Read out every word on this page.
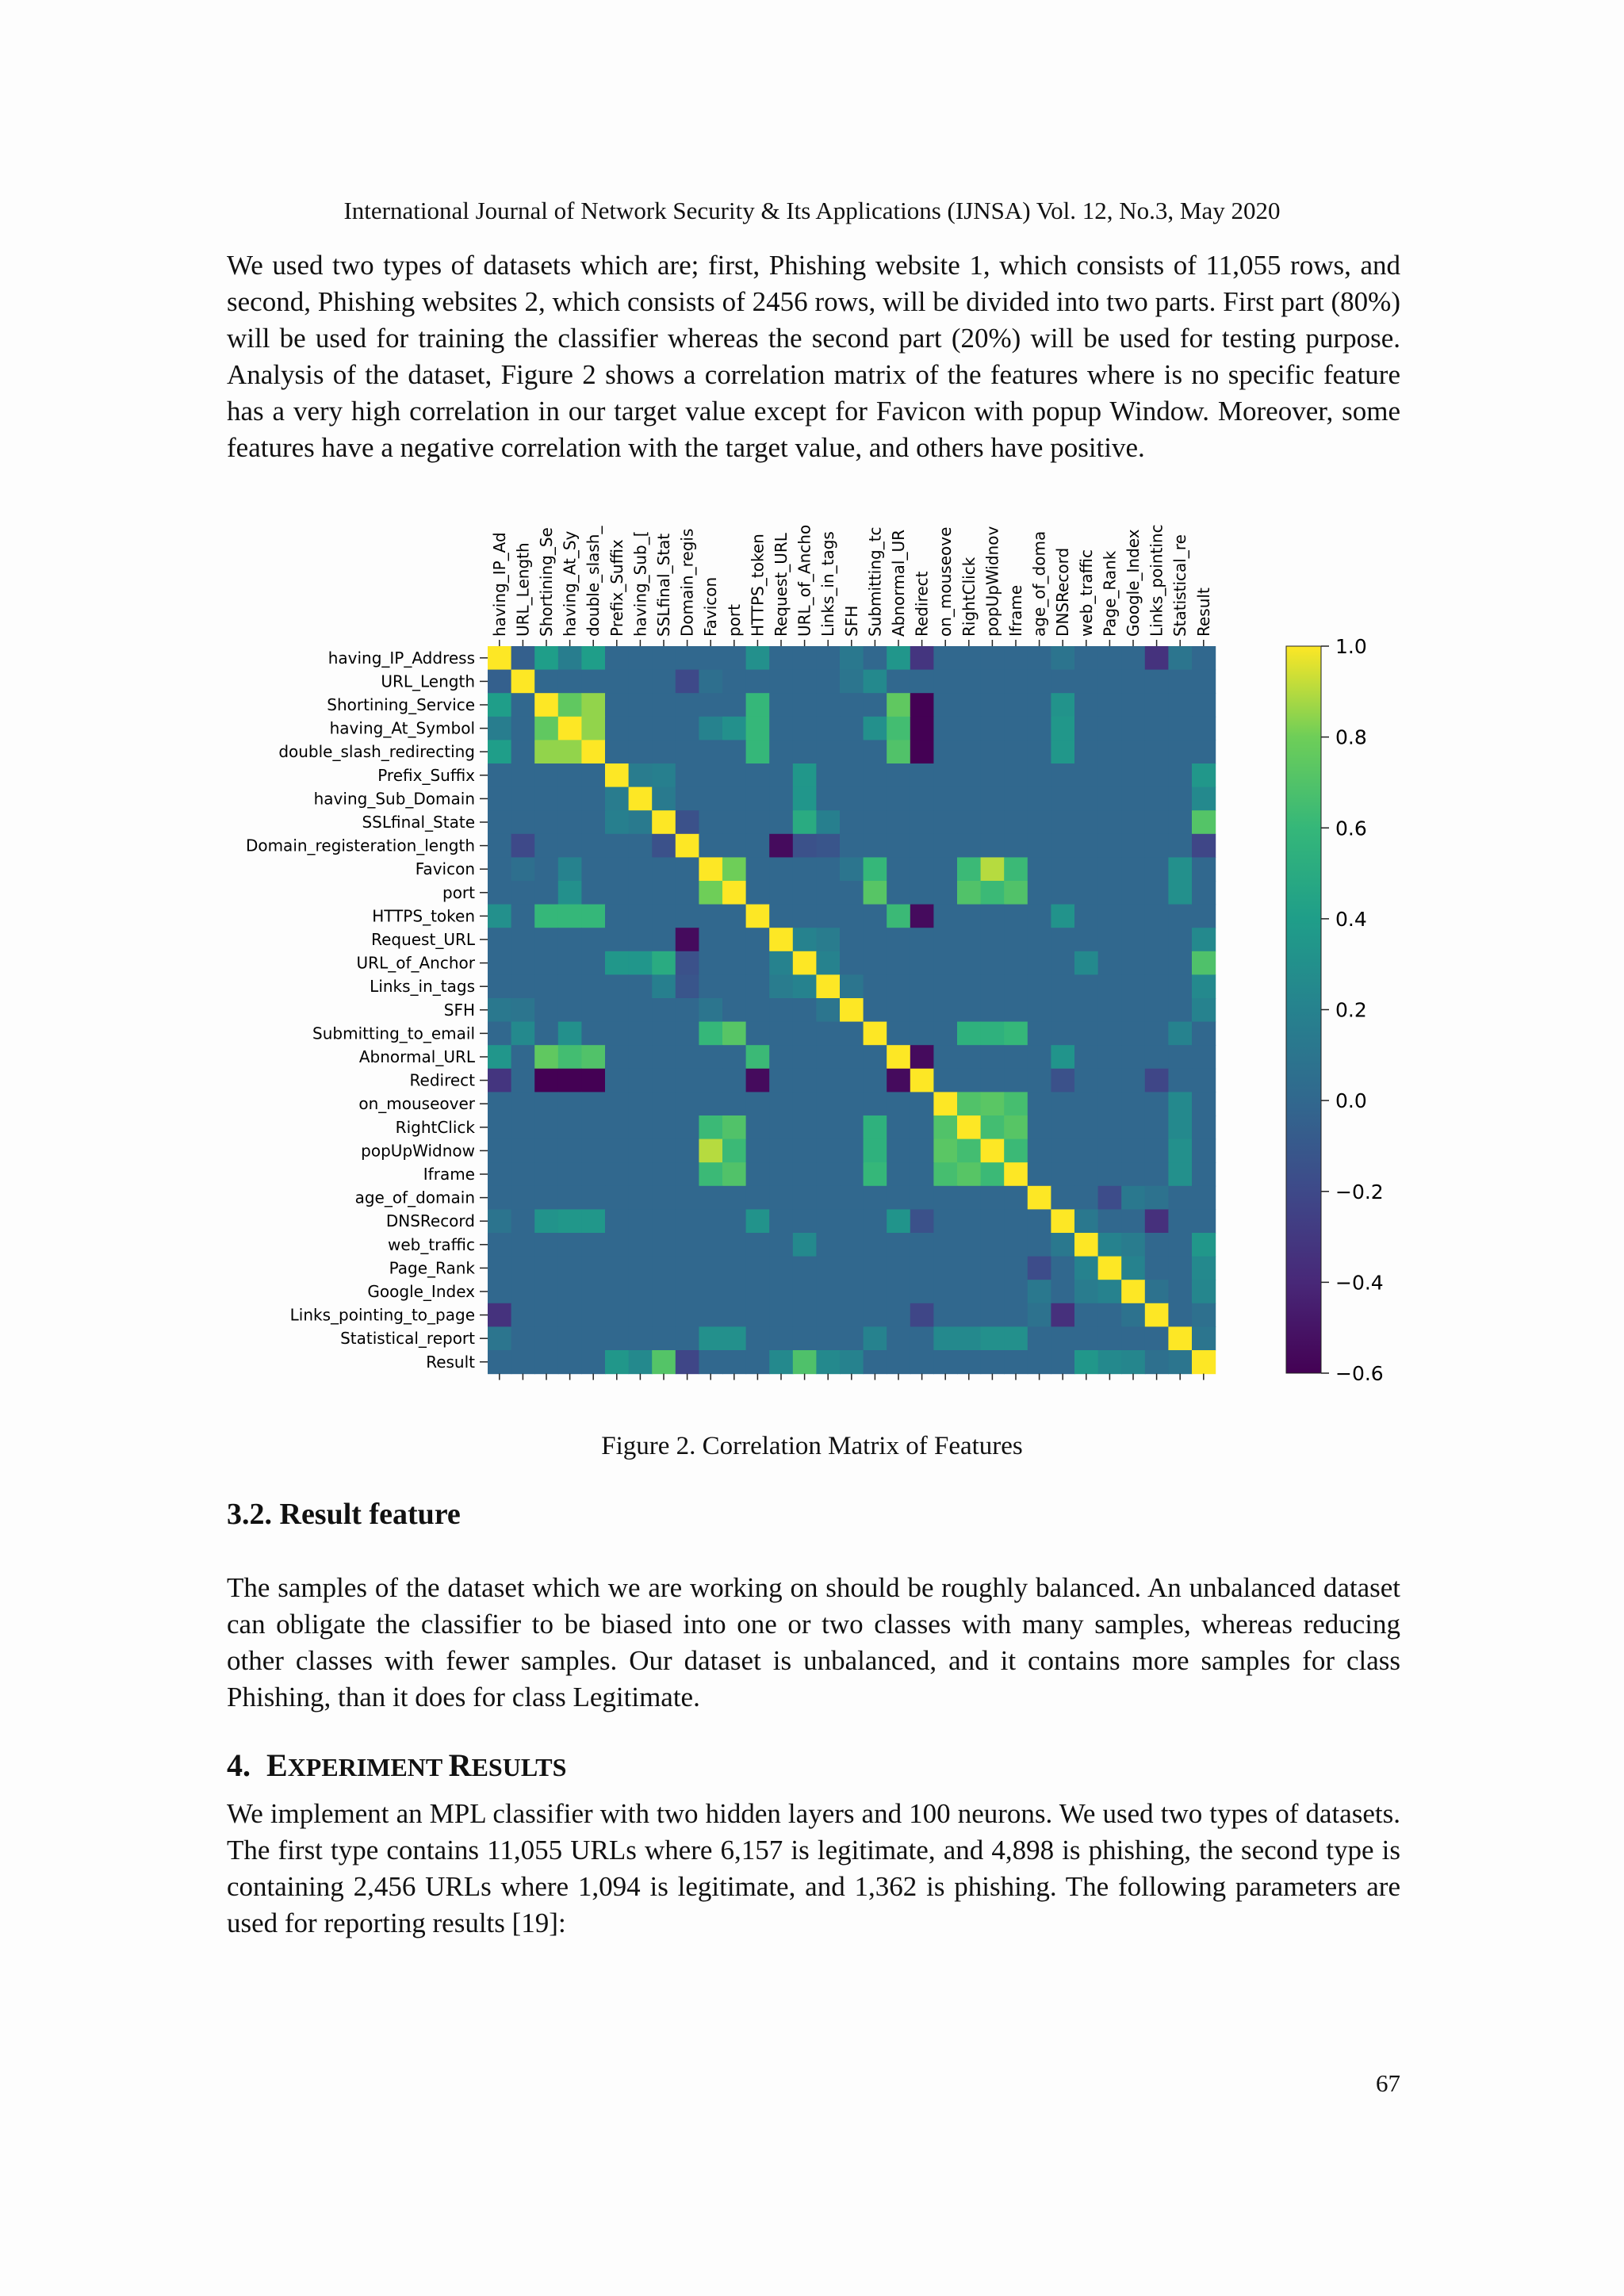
International Journal of Network Security & Its Applications (IJNSA) Vol. 12, No.3, May 2020

We used two types of datasets which are; first, Phishing website 1, which consists of 11,055 rows, and second, Phishing websites 2, which consists of 2456 rows, will be divided into two parts. First part (80%) will be used for training the classifier whereas the second part (20%) will be used for testing purpose. Analysis of the dataset, Figure 2 shows a correlation matrix of the features where is no specific feature has a very high correlation in our target value except for Favicon with popup Window. Moreover, some features have a negative correlation with the target value, and others have positive.

having_IP_Address
URL_Length
Shortining_Service
having_At_Symbol
double_slash_redirecting
Prefix_Suffix
having_Sub_Domain
SSLfinal_State
Domain_registeration_length
Favicon
port
HTTPS_token
Request_URL
URL_of_Anchor
Links_in_tags
SFH
Submitting_to_email
Abnormal_URL
Redirect
on_mouseover
RightClick
popUpWidnow
Iframe
age_of_domain
DNSRecord
web_traffic
Page_Rank
Google_Index
Links_pointing_to_page
Statistical_report
Result
having_IP_Ad URL_Length Shortining_Se having_At_Sy double_slash_ Prefix_Suffix having_Sub_[ SSLfinal_Stat Domain_regis Favicon port HTTPS_token Request_URL URL_of_Ancho Links_in_tags SFH Submitting_tc Abnormal_UR Redirect on_mouseove RightClick popUpWidnov Iframe age_of_doma DNSRecord web_traffic Page_Rank Google_Index Links_pointinc Statistical_re Result
1.0
0.8
0.6
0.4
0.2
0.0
−0.2
−0.4
−0.6
Figure 2. Correlation Matrix of Features
3.2. Result feature

The samples of the dataset which we are working on should be roughly balanced. An unbalanced dataset can obligate the classifier to be biased into one or two classes with many samples, whereas reducing other classes with fewer samples. Our dataset is unbalanced, and it contains more samples for class Phishing, than it does for class Legitimate.

4. EXPERIMENT RESULTS

We implement an MPL classifier with two hidden layers and 100 neurons. We used two types of datasets. The first type contains 11,055 URLs where 6,157 is legitimate, and 4,898 is phishing, the second type is containing 2,456 URLs where 1,094 is legitimate, and 1,362 is phishing. The following parameters are used for reporting results [19]:

67
